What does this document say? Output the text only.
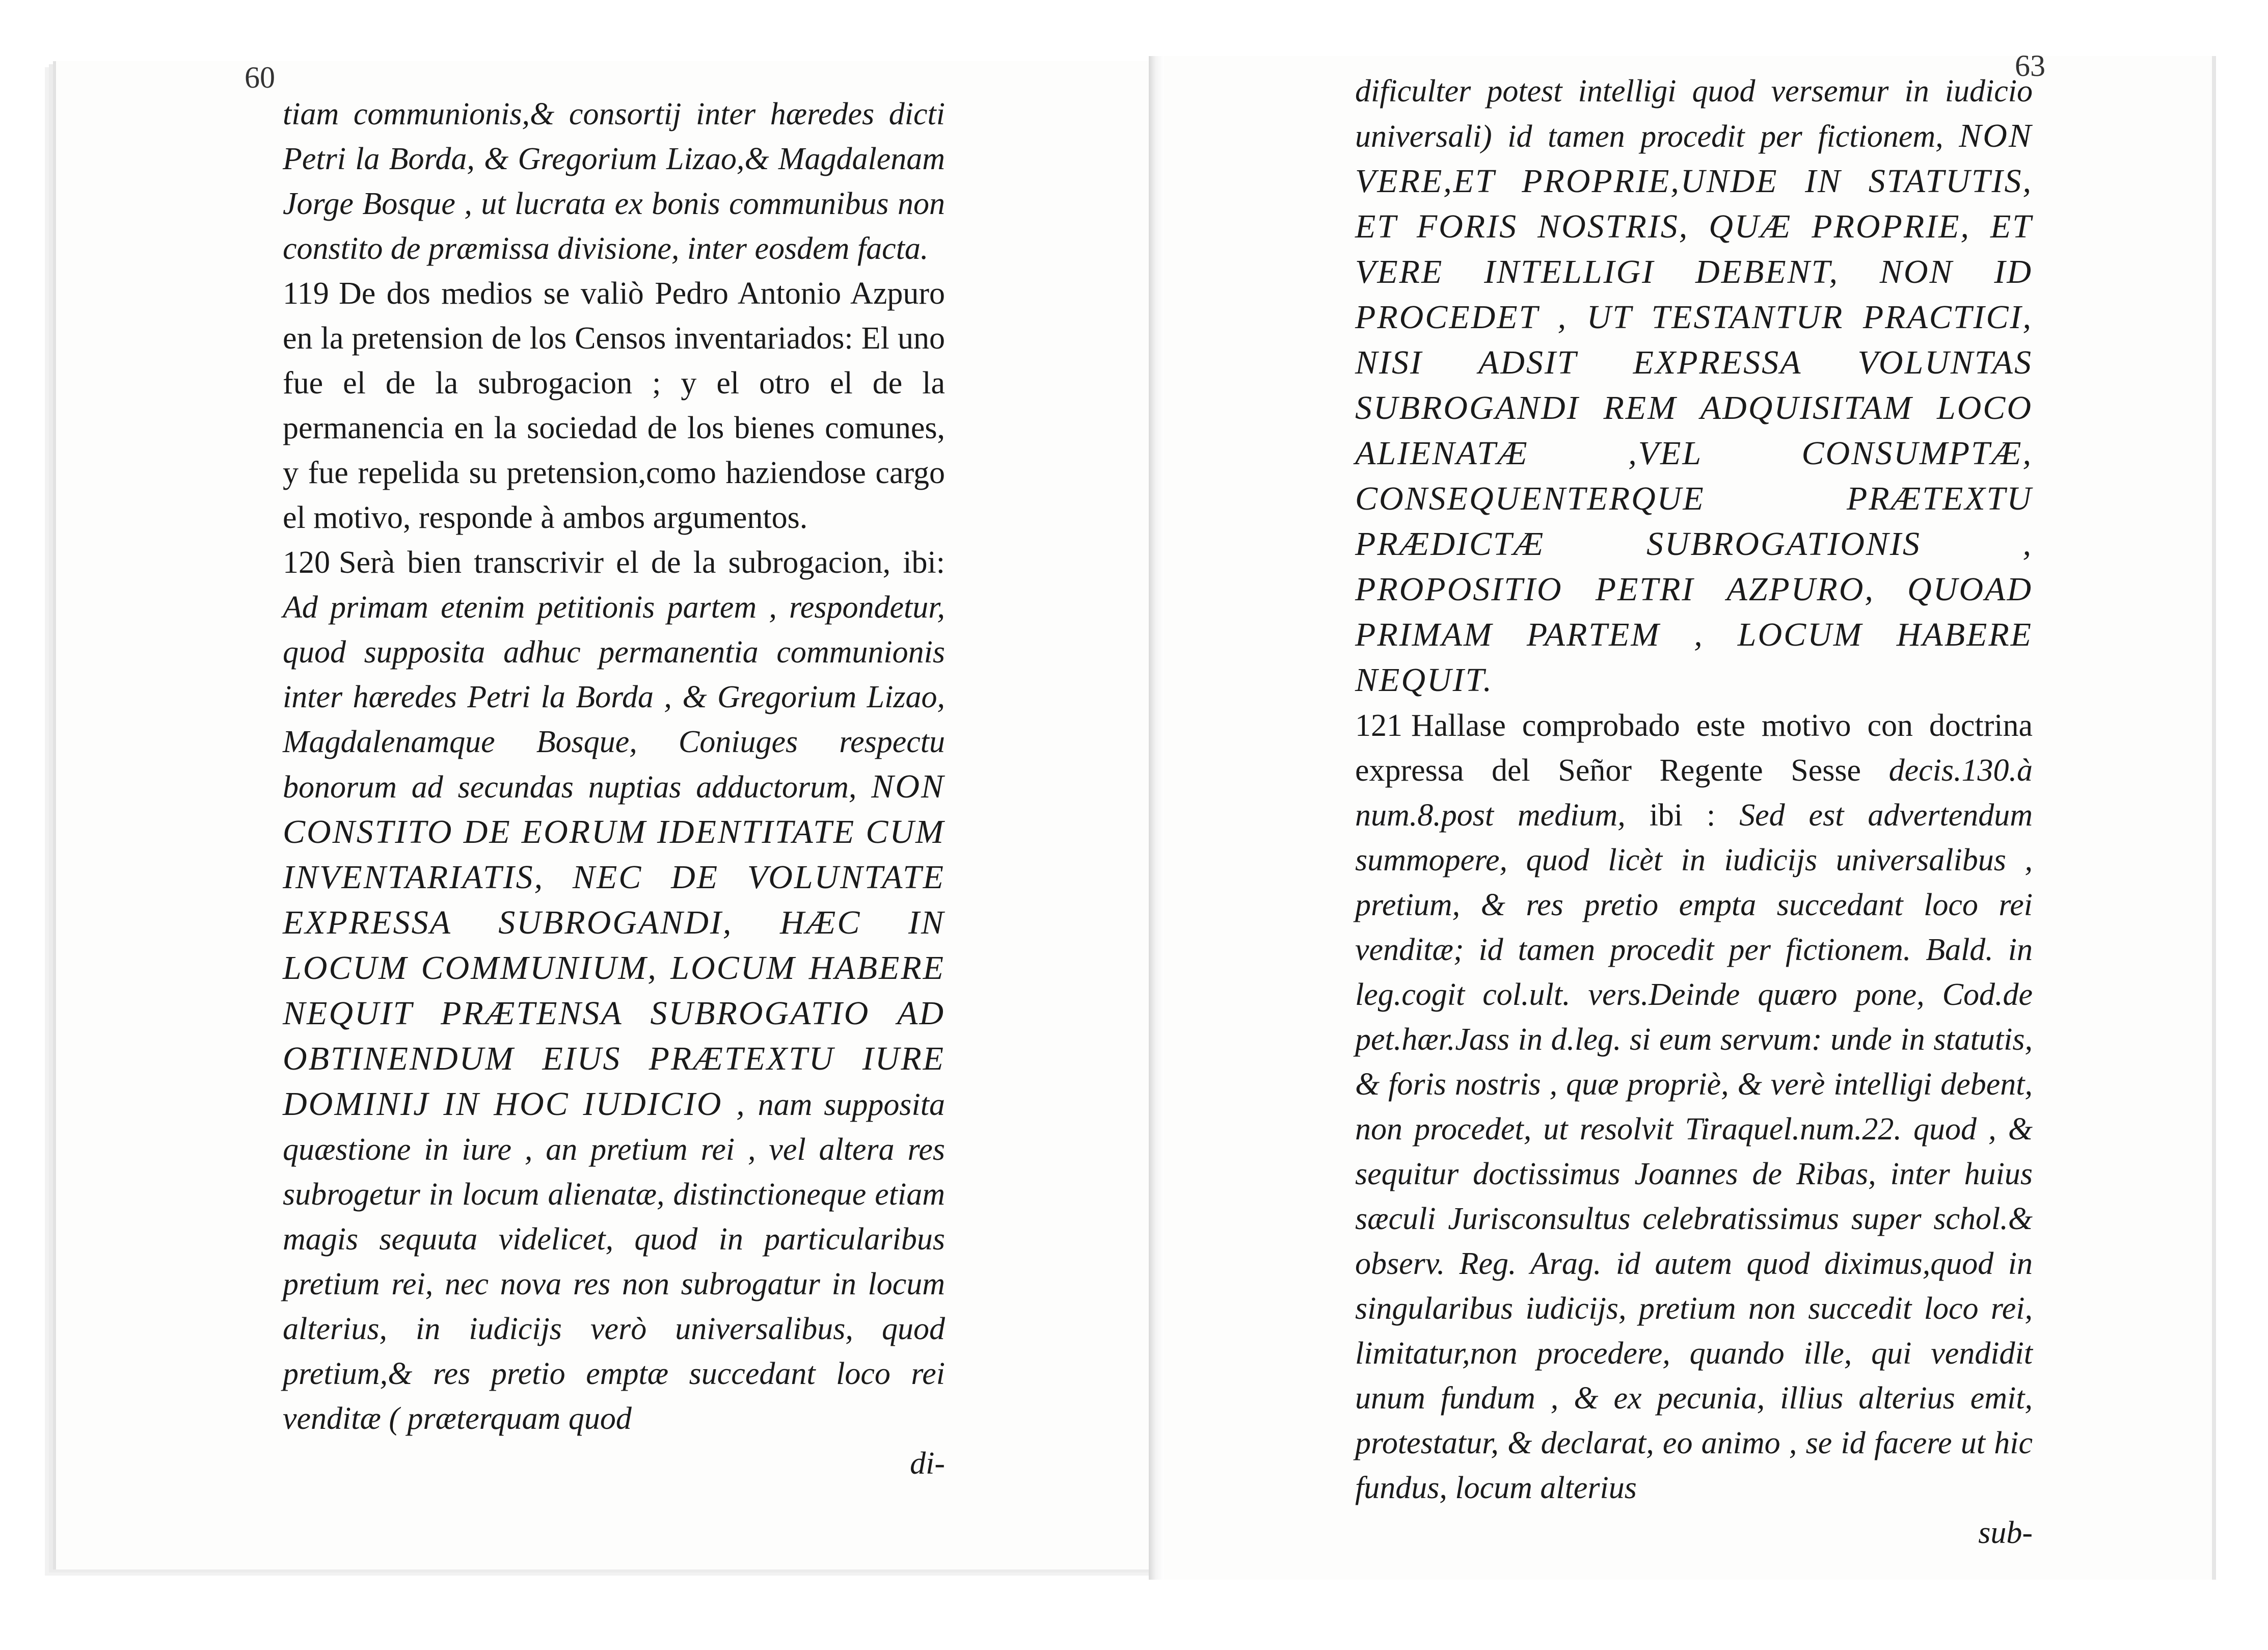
60	63

tiam communionis,& consortij inter hæredes dicti Petri la Borda, & Gregorium Lizao,& Magdalenam Jorge Bosque , ut lucrata ex bonis communibus non constito de præmissa divisione, inter eosdem facta.

119 De dos medios se valiò Pedro Antonio Azpuro en la pretension de los Censos inventariados: El uno fue el de la subrogacion ; y el otro el de la permanencia en la sociedad de los bienes comunes, y fue repelida su pretension,como haziendose cargo el motivo, responde à ambos argumentos.

120 Serà bien transcrivir el de la subrogacion, ibi: Ad primam etenim petitionis partem , respondetur, quod supposita adhuc permanentia communionis inter hæredes Petri la Borda , & Gregorium Lizao, Magdalenamque Bosque, Coniuges respectu bonorum ad secundas nuptias adductorum, NON CONSTITO DE EORUM IDENTITATE CUM INVENTARIATIS, NEC DE VOLUNTATE EXPRESSA SUBROGANDI, HÆC IN LOCUM COMMUNIUM, LOCUM HABERE NEQUIT PRÆTENSA SUBROGATIO AD OBTINENDUM EIUS PRÆTEXTU IURE DOMINIJ IN HOC IUDICIO , nam supposita quæstione in iure , an pretium rei , vel altera res subrogetur in locum alienatæ, distinctioneque etiam magis sequuta videlicet, quod in particularibus pretium rei, nec nova res non subrogatur in locum alterius, in iudicijs verò universalibus, quod pretium,& res pretio emptæ succedant loco rei venditæ ( præterquam quod

di-

dificulter potest intelligi quod versemur in iudicio universali) id tamen procedit per fictionem, NON VERE,ET PROPRIE,UNDE IN STATUTIS, ET FORIS NOSTRIS, QUÆ PROPRIE, ET VERE INTELLIGI DEBENT, NON ID PROCEDET , UT TESTANTUR PRACTICI, NISI ADSIT EXPRESSA VOLUNTAS SUBROGANDI REM ADQUISITAM LOCO ALIENATÆ ,VEL CONSUMPTÆ, CONSEQUENTERQUE PRÆTEXTU PRÆDICTÆ SUBROGATIONIS , PROPOSITIO PETRI AZPURO, QUOAD PRIMAM PARTEM , LOCUM HABERE NEQUIT.

121 Hallase comprobado este motivo con doctrina expressa del Señor Regente Sesse decis.130.à num.8.post medium, ibi : Sed est advertendum summopere, quod licèt in iudicijs universalibus , pretium, & res pretio empta succedant loco rei venditæ; id tamen procedit per fictionem. Bald. in leg.cogit col.ult. vers.Deinde quæro pone, Cod.de pet.hær.Jass in d.leg. si eum servum: unde in statutis, & foris nostris , quæ propriè, & verè intelligi debent, non procedet, ut resolvit Tiraquel.num.22. quod , & sequitur doctissimus Joannes de Ribas, inter huius sæculi Jurisconsultus celebratissimus super schol.& observ. Reg. Arag. id autem quod diximus,quod in singularibus iudicijs, pretium non succedit loco rei, limitatur,non procedere, quando ille, qui vendidit unum fundum , & ex pecunia, illius alterius emit, protestatur, & declarat, eo animo , se id facere ut hic fundus, locum alterius

sub-
